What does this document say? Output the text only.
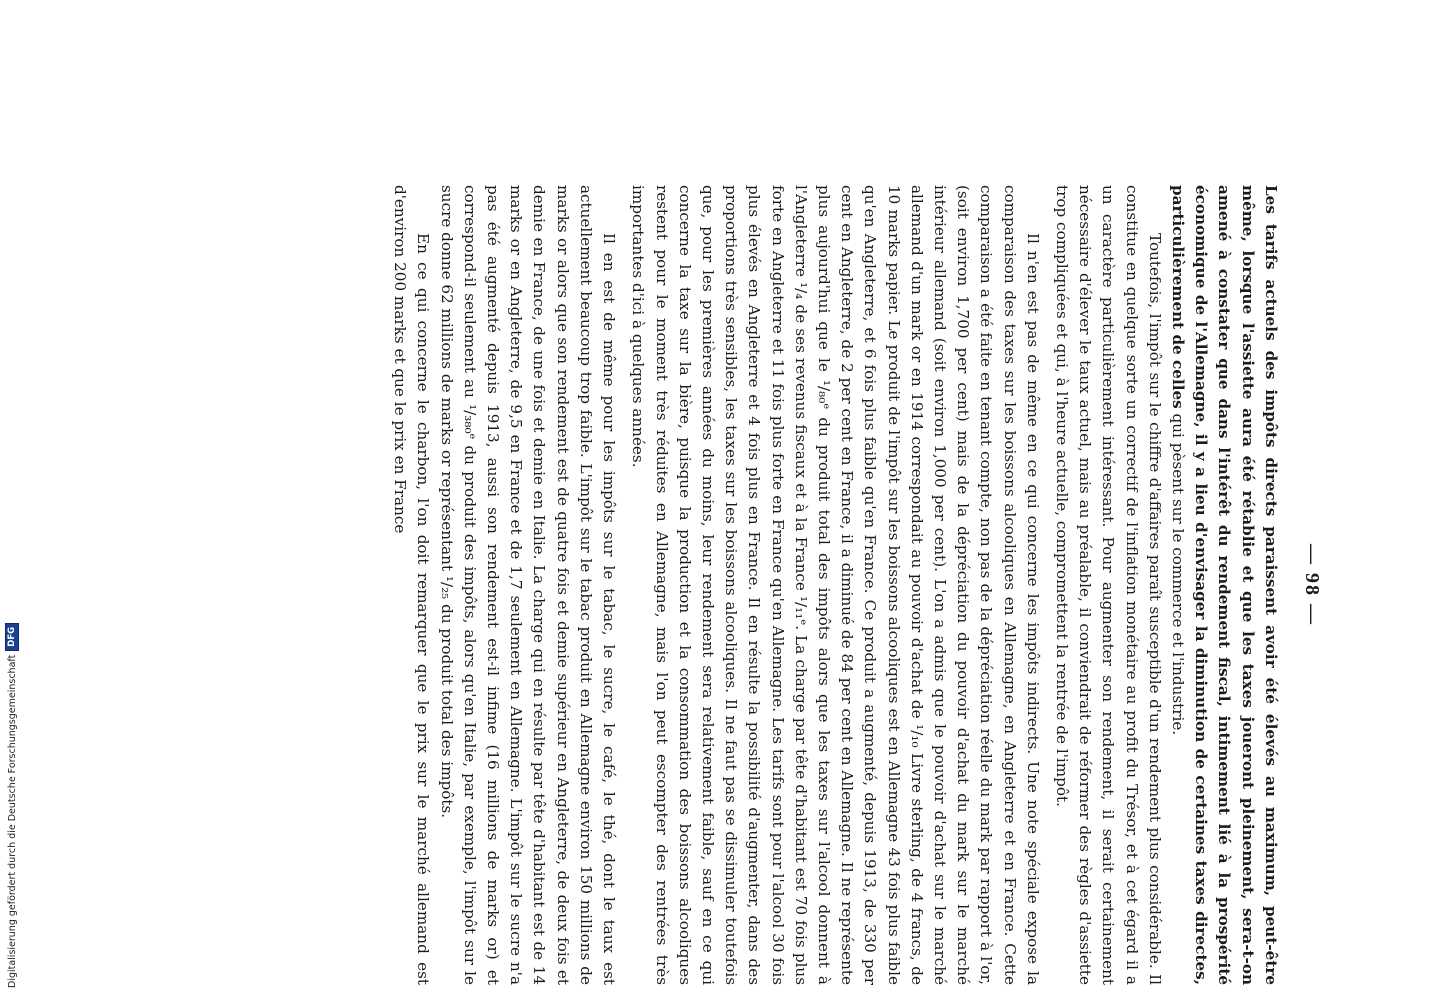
— 98 —

Les tarifs actuels des impôts directs paraissent avoir été élevés au maximum, peut-être même, lorsque l'assiette aura été rétablie et que les taxes joueront pleinement, sera-t-on amené à constater que dans l'intérêt du rendement fiscal, intimement lié à la prospérité économique de l'Allemagne, il y a lieu d'envisager la diminution de certaines taxes directes, particulièrement de celles qui pèsent sur le commerce et l'industrie.

Toutefois, l'impôt sur le chiffre d'affaires paraît susceptible d'un rendement plus considérable. Il constitue en quelque sorte un correctif de l'inflation monétaire au profit du Trésor, et à cet égard il a un caractère particulièrement intéressant. Pour augmenter son rendement, il serait certainement nécessaire d'élever le taux actuel, mais au préalable, il conviendrait de réformer des règles d'assiette trop compliquées et qui, à l'heure actuelle, compromettent la rentrée de l'impôt.

Il n'en est pas de même en ce qui concerne les impôts indirects. Une note spéciale expose la comparaison des taxes sur les boissons alcooliques en Allemagne, en Angleterre et en France. Cette comparaison a été faite en tenant compte, non pas de la dépréciation réelle du mark par rapport à l'or, (soit environ 1,700 per cent) mais de la dépréciation du pouvoir d'achat du mark sur le marché intérieur allemand (soit environ 1,000 per cent). L'on a admis que le pouvoir d'achat sur le marché allemand d'un mark or en 1914 correspondait au pouvoir d'achat de ¹/₁₀ Livre sterling, de 4 francs, de 10 marks papier. Le produit de l'impôt sur les boissons alcooliques est en Allemagne 43 fois plus faible qu'en Angleterre, et 6 fois plus faible qu'en France. Ce produit a augmenté, depuis 1913, de 330 per cent en Angleterre, de 2 per cent en France, il a diminué de 84 per cent en Allemagne. Il ne représente plus aujourd'hui que le ¹/₈₀ᵉ du produit total des impôts alors que les taxes sur l'alcool donnent à l'Angleterre ¹/₄ de ses revenus fiscaux et à la France ¹/₁₁ᵉ. La charge par tête d'habitant est 70 fois plus forte en Angleterre et 11 fois plus forte en France qu'en Allemagne. Les tarifs sont pour l'alcool 30 fois plus élevés en Angleterre et 4 fois plus en France. Il en résulte la possibilité d'augmenter, dans des proportions très sensibles, les taxes sur les boissons alcooliques. Il ne faut pas se dissimuler toutefois que, pour les premières années du moins, leur rendement sera relativement faible, sauf en ce qui concerne la taxe sur la bière, puisque la production et la consommation des boissons alcooliques restent pour le moment très réduites en Allemagne, mais l'on peut escompter des rentrées très importantes d'ici à quelques années.

Il en est de même pour les impôts sur le tabac, le sucre, le café, le thé, dont le taux est actuellement beaucoup trop faible. L'impôt sur le tabac produit en Allemagne environ 150 millions de marks or alors que son rendement est de quatre fois et demie supérieur en Angleterre, de deux fois et demie en France, de une fois et demie en Italie. La charge qui en résulte par tête d'habitant est de 14 marks or en Angleterre, de 9,5 en France et de 1,7 seulement en Allemagne. L'impôt sur le sucre n'a pas été augmenté depuis 1913, aussi son rendement est-il infime (16 millions de marks or) et correspond-il seulement au ¹/₃₈₀ᵉ du produit des impôts, alors qu'en Italie, par exemple, l'impôt sur le sucre donne 62 millions de marks or représentant ¹/₂₅ du produit total des impôts.

En ce qui concerne le charbon, l'on doit remarquer que le prix sur le marché allemand est d'environ 200 marks et que le prix en France

Digitalisierung gefördert durch die Deutsche Forschungsgemeinschaft
DFG
